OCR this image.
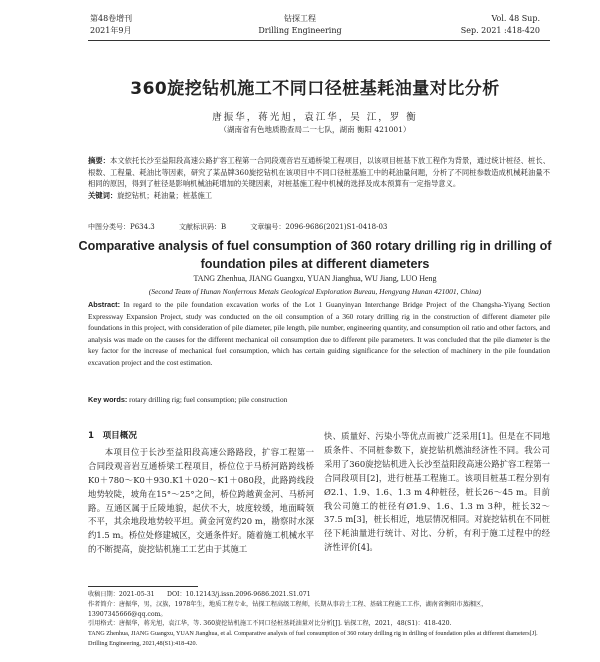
第48卷增刊
2021年9月
钻探工程
Drilling Engineering
Vol. 48 Sup.
Sep. 2021 :418-420
360旋挖钻机施工不同口径桩基耗油量对比分析
唐振华，蒋光旭，袁江华，吴 江，罗 衡
（湖南省有色地质勘查局二一七队，湖南 衡阳 421001）
摘要：本文依托长沙至益阳段高速公路扩容工程第一合同段观音岩互通桥梁工程项目，以该项目桩基下放工程作为背景，通过统计桩径、桩长、根数、工程量、耗油比等因素，研究了某品牌360旋挖钻机在该项目中不同口径桩基施工中的耗油量问题，分析了不同桩参数造成机械耗油量不相同的原因，得到了桩径是影响机械油耗增加的关键因素，对桩基施工程中机械的选择及成本预算有一定指导意义。
关键词：旋挖钻机；耗油量；桩基施工
中图分类号：P634.3	文献标识码：B	文章编号：2096-9686(2021)S1-0418-03
Comparative analysis of fuel consumption of 360 rotary drilling rig in drilling of foundation piles at different diameters
TANG Zhenhua, JIANG Guangxu, YUAN Jianghua, WU Jiang, LUO Heng
(Second Team of Hunan Nonferrous Metals Geological Exploration Bureau, Hengyang Hunan 421001, China)
Abstract: In regard to the pile foundation excavation works of the Lot 1 Guanyinyan Interchange Bridge Project of the Changsha-Yiyang Section Expressway Expansion Project, study was conducted on the oil consumption of a 360 rotary drilling rig in the construction of different diameter pile foundations in this project, with consideration of pile diameter, pile length, pile number, engineering quantity, and consumption oil ratio and other factors, and analysis was made on the causes for the different mechanical oil consumption due to different pile parameters. It was concluded that the pile diameter is the key factor for the increase of mechanical fuel consumption, which has certain guiding significance for the selection of machinery in the pile foundation excavation project and the cost estimation.
Key words: rotary drilling rig; fuel consumption; pile construction
1　项目概况

本项目位于长沙至益阳段高速公路路段，扩容工程第一合同段观音岩互通桥梁工程项目，桥位位于马桥河路跨线桥K0＋780～K0＋930.K1＋020～K1＋080段，此路跨线段地势较陡，坡角在15°～25°之间，桥位跨越黄金河、马桥河路。互通区属于丘陵地貌，起伏不大，坡度较缓，地面畸领不平，其余地段地势较平坦。黄金河宽约20 m，勘察时水深约1.5 m。桥位处修建城区，交通条件好。随着施工机械水平的不断提高，旋挖钻机施工工艺由于其施工

快、质量好、污染小等优点而被广泛采用[1]。但是在不同地质条件、不同桩参数下，旋挖钻机燃油经济性不同。我公司采用了360旋挖钻机进入长沙至益阳段高速公路扩容工程第一合同段项目[2]，进行桩基工程施工。该项目桩基工程分别有Ø2.1、1.9、1.6、1.3 m 4种桩径，桩长26～45 m。目前我公司施工的桩径有Ø1.9、1.6、1.3 m 3种，桩长32～37.5 m[3]，桩长相近，地层情况相同。对旋挖钻机在不同桩径下耗油量进行统计、对比、分析，有利于施工过程中的经济性评价[4]。

收稿日期：2021-05-31　　DOI：10.12143/j.issn.2096-9686.2021.S1.071
作者简介：唐振华，男，汉族，1978年生，地质工程专业，钻探工程高级工程师，长期从事岩土工程、基础工程施工工作，湖南省衡阳市蒸湘区，13907345666@qq.com。
引用格式：唐振华，蒋光旭，袁江华，等. 360旋挖钻机施工不同口径桩基耗油量对比分析[J]. 钻探工程，2021，48(S1)：418-420.
TANG Zhenhua, JIANG Guangxu, YUAN Jianghua, et al. Comparative analysis of fuel consumption of 360 rotary drilling rig in drilling of foundation piles at different diameters[J]. Drilling Engineering, 2021,48(S1):418-420.
